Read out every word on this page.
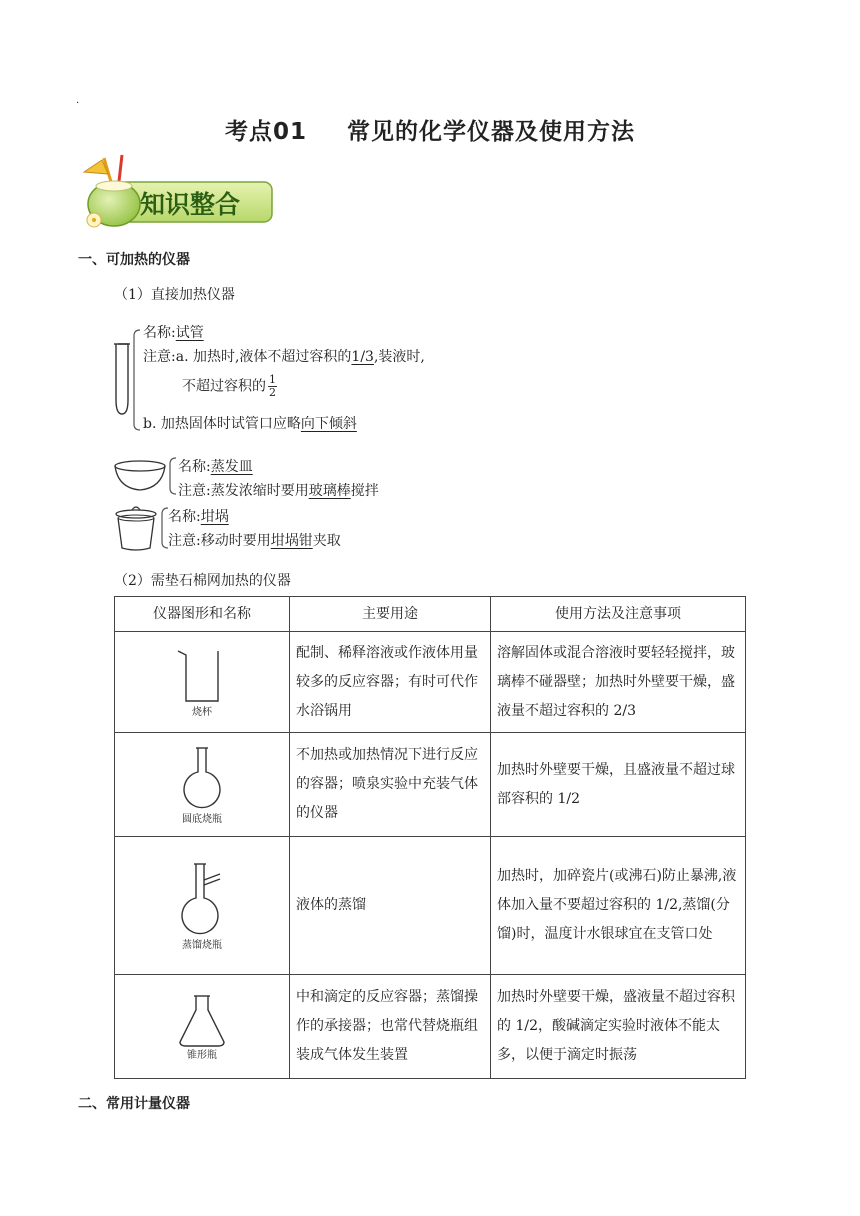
·
考点01 常见的化学仪器及使用方法
知识整合
一、可加热的仪器
（1）直接加热仪器
名称:试管
注意:a. 加热时,液体不超过容积的1/3,装液时,
不超过容积的 $\frac{1}{2}$
b. 加热固体时试管口应略向下倾斜
名称:蒸发皿
注意:蒸发浓缩时要用玻璃棒搅拌
名称:坩埚
注意:移动时要用坩埚钳夹取
（2）需垫石棉网加热的仪器
仪器图形和名称	主要用途	使用方法及注意事项

烧杯	配制、稀释溶液或作液体用量较多的反应容器；有时可代作水浴锅用	溶解固体或混合溶液时要轻轻搅拌，玻璃棒不碰器壁；加热时外壁要干燥，盛液量不超过容积的 2/3

圆底烧瓶	不加热或加热情况下进行反应的容器；喷泉实验中充装气体的仪器	加热时外壁要干燥，且盛液量不超过球部容积的 1/2

蒸馏烧瓶	液体的蒸馏	加热时，加碎瓷片(或沸石)防止暴沸,液体加入量不要超过容积的 1/2,蒸馏(分馏)时，温度计水银球宜在支管口处

锥形瓶	中和滴定的反应容器；蒸馏操作的承接器；也常代替烧瓶组装成气体发生装置	加热时外壁要干燥，盛液量不超过容积的 1/2，酸碱滴定实验时液体不能太多，以便于滴定时振荡
二、常用计量仪器
